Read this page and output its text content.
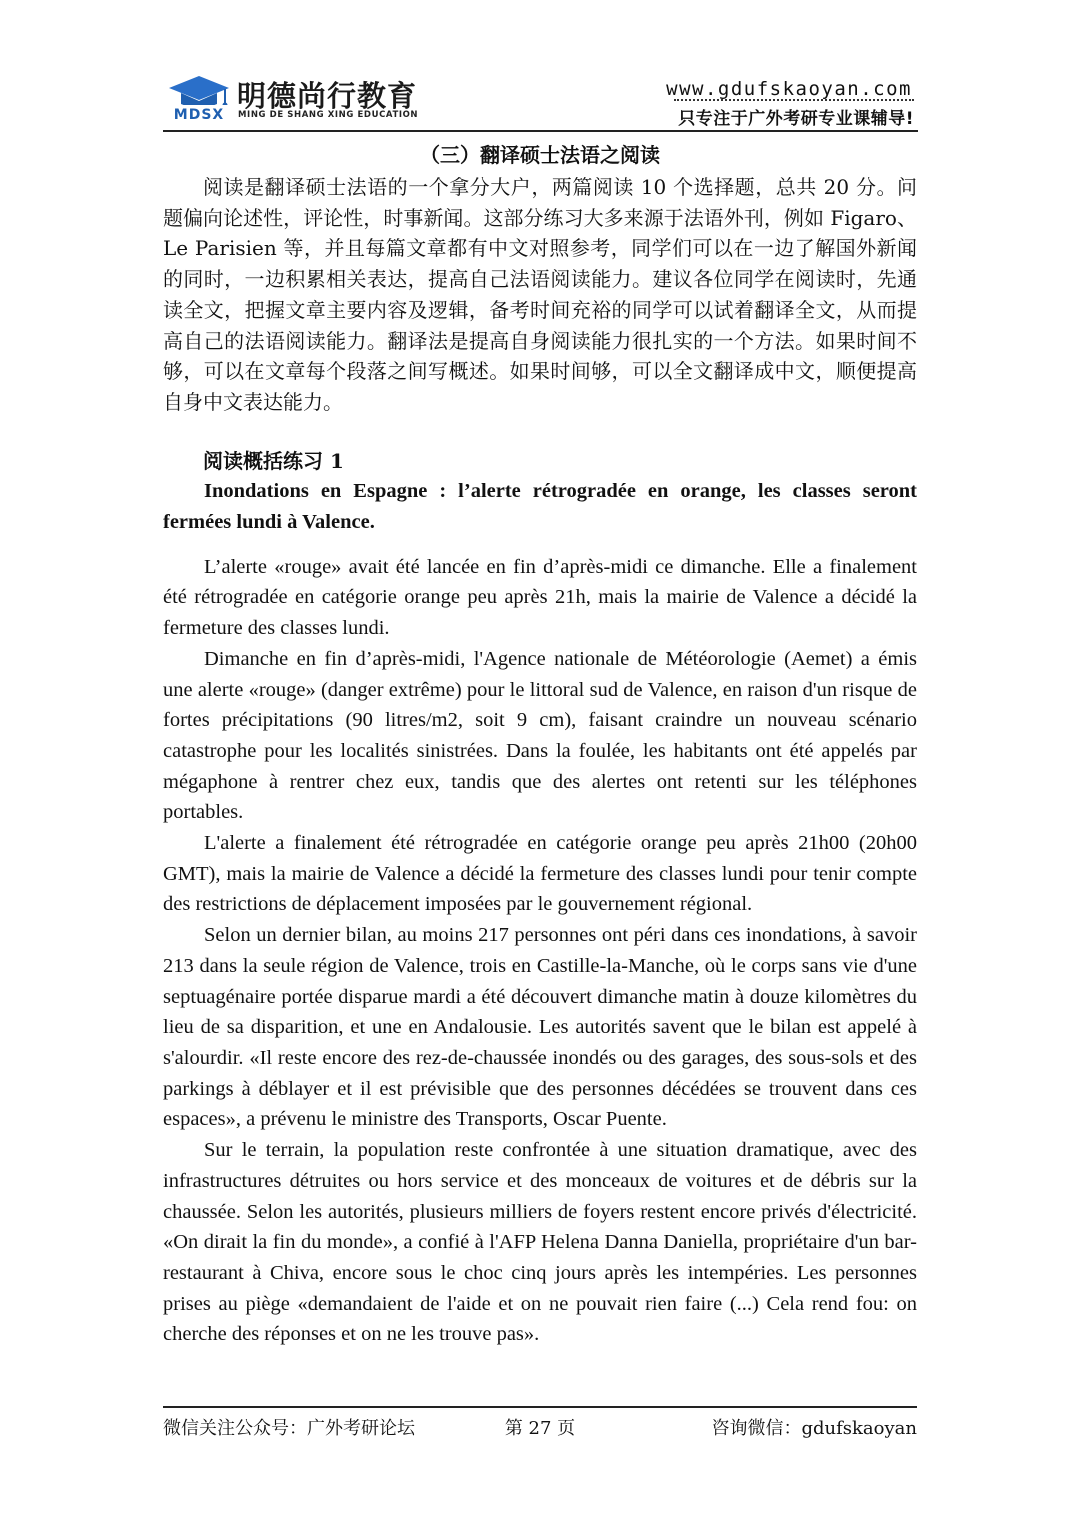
MDSX
明德尚行教育
MING DE SHANG XING EDUCATION
www.gdufskaoyan.com
只专注于广外考研专业课辅导!
（三）翻译硕士法语之阅读

阅读是翻译硕士法语的一个拿分大户，两篇阅读 10 个选择题，总共 20 分。问题偏向论述性，评论性，时事新闻。这部分练习大多来源于法语外刊，例如 Figaro、 Le Parisien 等，并且每篇文章都有中文对照参考，同学们可以在一边了解国外新闻的同时，一边积累相关表达，提高自己法语阅读能力。建议各位同学在阅读时，先通读全文，把握文章主要内容及逻辑，备考时间充裕的同学可以试着翻译全文，从而提高自己的法语阅读能力。翻译法是提高自身阅读能力很扎实的一个方法。如果时间不够，可以在文章每个段落之间写概述。如果时间够，可以全文翻译成中文，顺便提高自身中文表达能力。

阅读概括练习 1

Inondations en Espagne : l’alerte rétrogradée en orange, les classes seront fermées lundi à Valence.

L’alerte «rouge» avait été lancée en fin d’après-midi ce dimanche. Elle a finalement été rétrogradée en catégorie orange peu après 21h, mais la mairie de Valence a décidé la fermeture des classes lundi.

Dimanche en fin d’après-midi, l'Agence nationale de Météorologie (Aemet) a émis une alerte «rouge» (danger extrême) pour le littoral sud de Valence, en raison d'un risque de fortes précipitations (90 litres/m2, soit 9 cm), faisant craindre un nouveau scénario catastrophe pour les localités sinistrées. Dans la foulée, les habitants ont été appelés par mégaphone à rentrer chez eux, tandis que des alertes ont retenti sur les téléphones portables.

L'alerte a finalement été rétrogradée en catégorie orange peu après 21h00 (20h00 GMT), mais la mairie de Valence a décidé la fermeture des classes lundi pour tenir compte des restrictions de déplacement imposées par le gouvernement régional.

Selon un dernier bilan, au moins 217 personnes ont péri dans ces inondations, à savoir 213 dans la seule région de Valence, trois en Castille-la-Manche, où le corps sans vie d'une septuagénaire portée disparue mardi a été découvert dimanche matin à douze kilomètres du lieu de sa disparition, et une en Andalousie. Les autorités savent que le bilan est appelé à s'alourdir. «Il reste encore des rez-de-chaussée inondés ou des garages, des sous-sols et des parkings à déblayer et il est prévisible que des personnes décédées se trouvent dans ces espaces», a prévenu le ministre des Transports, Oscar Puente.

Sur le terrain, la population reste confrontée à une situation dramatique, avec des infrastructures détruites ou hors service et des monceaux de voitures et de débris sur la chaussée. Selon les autorités, plusieurs milliers de foyers restent encore privés d'électricité. «On dirait la fin du monde», a confié à l'AFP Helena Danna Daniella, propriétaire d'un bar-restaurant à Chiva, encore sous le choc cinq jours après les intempéries. Les personnes prises au piège «demandaient de l'aide et on ne pouvait rien faire (...) Cela rend fou: on cherche des réponses et on ne les trouve pas».

微信关注公众号：广外考研论坛	第 27 页	咨询微信：gdufskaoyan
